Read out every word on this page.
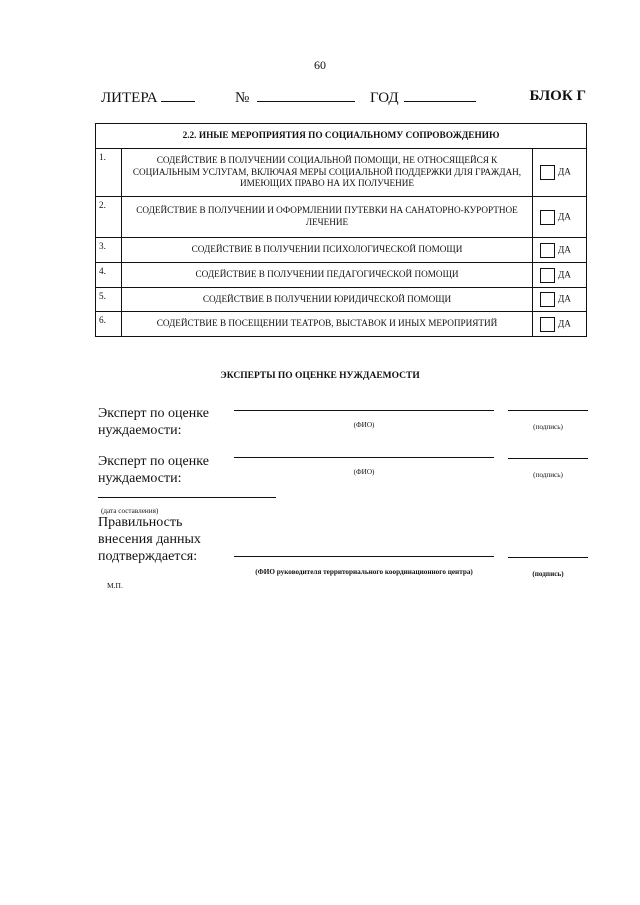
60
ЛИТЕРА	№	ГОД	БЛОК Г
2.2. ИНЫЕ МЕРОПРИЯТИЯ ПО СОЦИАЛЬНОМУ СОПРОВОЖДЕНИЮ		
1.	СОДЕЙСТВИЕ В ПОЛУЧЕНИИ СОЦИАЛЬНОЙ ПОМОЩИ, НЕ ОТНОСЯЩЕЙСЯ К СОЦИАЛЬНЫМ УСЛУГАМ, ВКЛЮЧАЯ МЕРЫ СОЦИАЛЬНОЙ ПОДДЕРЖКИ ДЛЯ ГРАЖДАН, ИМЕЮЩИХ ПРАВО НА ИХ ПОЛУЧЕНИЕ	ДА
2.	СОДЕЙСТВИЕ В ПОЛУЧЕНИИ И ОФОРМЛЕНИИ ПУТЕВКИ НА САНАТОРНО-КУРОРТНОЕ ЛЕЧЕНИЕ	ДА
3.	СОДЕЙСТВИЕ В ПОЛУЧЕНИИ ПСИХОЛОГИЧЕСКОЙ ПОМОЩИ	ДА
4.	СОДЕЙСТВИЕ В ПОЛУЧЕНИИ ПЕДАГОГИЧЕСКОЙ ПОМОЩИ	ДА
5.	СОДЕЙСТВИЕ В ПОЛУЧЕНИИ ЮРИДИЧЕСКОЙ ПОМОЩИ	ДА
6.	СОДЕЙСТВИЕ В ПОСЕЩЕНИИ ТЕАТРОВ, ВЫСТАВОК И ИНЫХ МЕРОПРИЯТИЙ	ДА
ЭКСПЕРТЫ ПО ОЦЕНКЕ НУЖДАЕМОСТИ
Эксперт по оценке
нуждаемости:	(ФИО)	(подпись)
Эксперт по оценке
нуждаемости:	(ФИО)	(подпись)
(дата составления)
Правильность
внесения данных
подтверждается:
(ФИО руководителя территориального координационного центра)	(подпись)
М.П.
